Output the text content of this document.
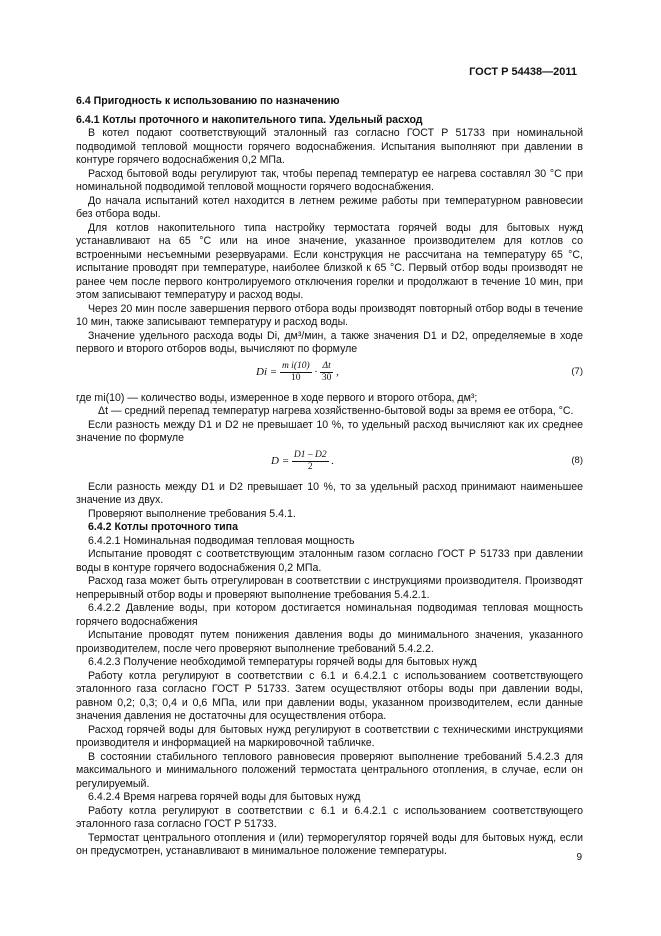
ГОСТ Р 54438—2011
6.4 Пригодность к использованию по назначению
6.4.1 Котлы проточного и накопительного типа. Удельный расход

В котел подают соответствующий эталонный газ согласно ГОСТ Р 51733 при номинальной подводимой тепловой мощности горячего водоснабжения. Испытания выполняют при давлении в контуре горячего водоснабжения 0,2 МПа.

Расход бытовой воды регулируют так, чтобы перепад температур ее нагрева составлял 30 °С при номинальной подводимой тепловой мощности горячего водоснабжения.

До начала испытаний котел находится в летнем режиме работы при температурном равновесии без отбора воды.

Для котлов накопительного типа настройку термостата горячей воды для бытовых нужд устанавливают на 65 °С или на иное значение, указанное производителем для котлов со встроенными несъемными резервуарами. Если конструкция не рассчитана на температуру 65 °С, испытание проводят при температуре, наиболее близкой к 65 °С. Первый отбор воды производят не ранее чем после первого контролируемого отключения горелки и продолжают в течение 10 мин, при этом записывают температуру и расход воды.

Через 20 мин после завершения первого отбора воды производят повторный отбор воды в течение 10 мин, также записывают температуру и расход воды.

Значение удельного расхода воды Di, дм³/мин, а также значения D1 и D2, определяемые в ходе первого и второго отборов воды, вычисляют по формуле

$Di = \frac{\text{m i(10)}}{10} \cdot \frac{\Delta t}{30}$ ,	(7)

где mi(10) — количество воды, измеренное в ходе первого и второго отбора, дм³;

Δt — средний перепад температур нагрева хозяйственно-бытовой воды за время ее отбора, °С.

Если разность между D1 и D2 не превышает 10 %, то удельный расход вычисляют как их среднее значение по формуле

$D = \frac{D1 - D2}{2}$ .	(8)

Если разность между D1 и D2 превышает 10 %, то за удельный расход принимают наименьшее значение из двух.

Проверяют выполнение требования 5.4.1.

6.4.2 Котлы проточного типа

6.4.2.1 Номинальная подводимая тепловая мощность

Испытание проводят с соответствующим эталонным газом согласно ГОСТ Р 51733 при давлении воды в контуре горячего водоснабжения 0,2 МПа.

Расход газа может быть отрегулирован в соответствии с инструкциями производителя. Производят непрерывный отбор воды и проверяют выполнение требования 5.4.2.1.

6.4.2.2 Давление воды, при котором достигается номинальная подводимая тепловая мощность горячего водоснабжения

Испытание проводят путем понижения давления воды до минимального значения, указанного производителем, после чего проверяют выполнение требований 5.4.2.2.

6.4.2.3 Получение необходимой температуры горячей воды для бытовых нужд

Работу котла регулируют в соответствии с 6.1 и 6.4.2.1 с использованием соответствующего эталонного газа согласно ГОСТ Р 51733. Затем осуществляют отборы воды при давлении воды, равном 0,2; 0,3; 0,4 и 0,6 МПа, или при давлении воды, указанном производителем, если данные значения давления не достаточны для осуществления отбора.

Расход горячей воды для бытовых нужд регулируют в соответствии с техническими инструкциями производителя и информацией на маркировочной табличке.

В состоянии стабильного теплового равновесия проверяют выполнение требований 5.4.2.3 для максимального и минимального положений термостата центрального отопления, в случае, если он регулируемый.

6.4.2.4 Время нагрева горячей воды для бытовых нужд

Работу котла регулируют в соответствии с 6.1 и 6.4.2.1 с использованием соответствующего эталонного газа согласно ГОСТ Р 51733.

Термостат центрального отопления и (или) терморегулятор горячей воды для бытовых нужд, если он предусмотрен, устанавливают в минимальное положение температуры.

9
